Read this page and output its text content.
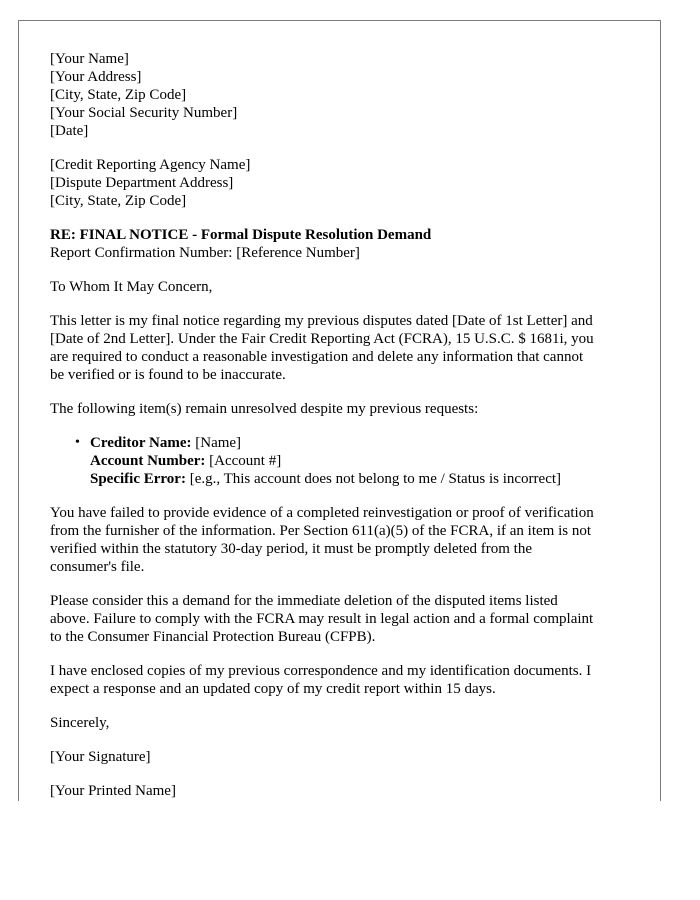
[Your Name]
[Your Address]
[City, State, Zip Code]
[Your Social Security Number]
[Date]
[Credit Reporting Agency Name]
[Dispute Department Address]
[City, State, Zip Code]
RE: FINAL NOTICE - Formal Dispute Resolution Demand
Report Confirmation Number: [Reference Number]

To Whom It May Concern,

This letter is my final notice regarding my previous disputes dated [Date of 1st Letter] and
[Date of 2nd Letter]. Under the Fair Credit Reporting Act (FCRA), 15 U.S.C. $ 1681i, you
are required to conduct a reasonable investigation and delete any information that cannot
be verified or is found to be inaccurate.

The following item(s) remain unresolved despite my previous requests:

• Creditor Name: [Name]
Account Number: [Account #]
Specific Error: [e.g., This account does not belong to me / Status is incorrect]

You have failed to provide evidence of a completed reinvestigation or proof of verification
from the furnisher of the information. Per Section 611(a)(5) of the FCRA, if an item is not
verified within the statutory 30-day period, it must be promptly deleted from the
consumer's file.

Please consider this a demand for the immediate deletion of the disputed items listed
above. Failure to comply with the FCRA may result in legal action and a formal complaint
to the Consumer Financial Protection Bureau (CFPB).

I have enclosed copies of my previous correspondence and my identification documents. I
expect a response and an updated copy of my credit report within 15 days.

Sincerely,

[Your Signature]

[Your Printed Name]
